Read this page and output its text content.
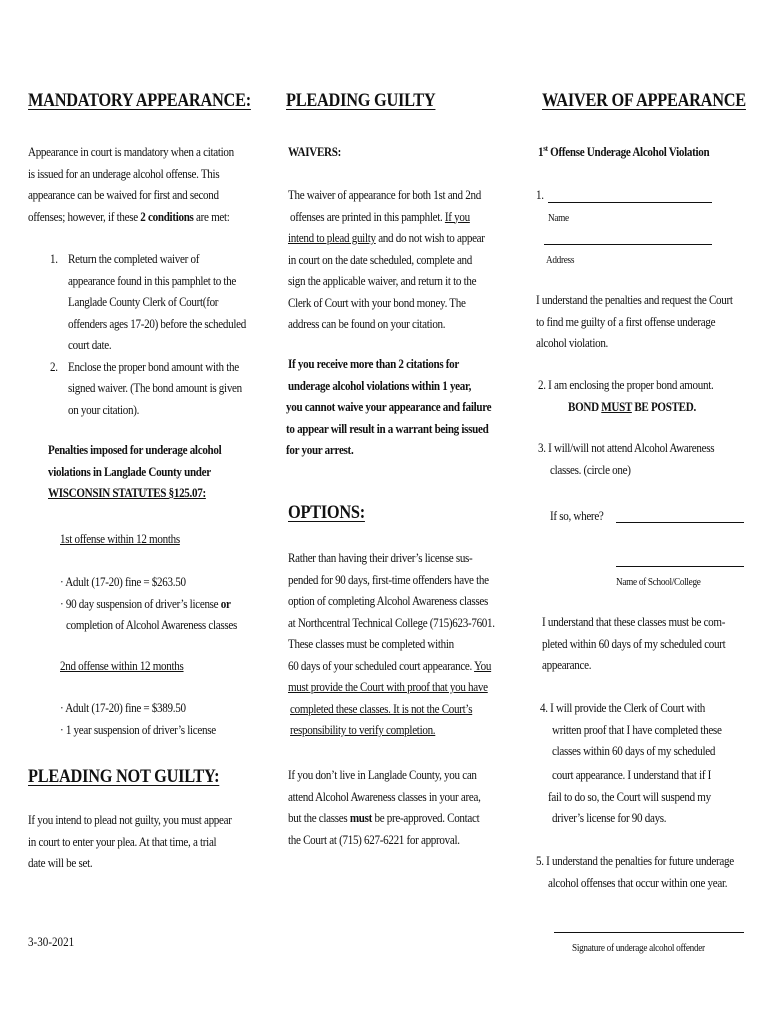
MANDATORY APPEARANCE:
Appearance in court is mandatory when a citation
is issued for an underage alcohol offense. This
appearance can be waived for first and second
offenses; however, if these 2 conditions are met:
1. Return the completed waiver of
appearance found in this pamphlet to the
Langlade County Clerk of Court(for
offenders ages 17-20) before the scheduled
court date.
2. Enclose the proper bond amount with the
signed waiver. (The bond amount is given
on your citation).
Penalties imposed for underage alcohol
violations in Langlade County under
WISCONSIN STATUTES §125.07:
1st offense within 12 months
· Adult (17-20) fine = $263.50
· 90 day suspension of driver’s license or
completion of Alcohol Awareness classes
2nd offense within 12 months
· Adult (17-20) fine = $389.50
· 1 year suspension of driver’s license
PLEADING NOT GUILTY:
If you intend to plead not guilty, you must appear
in court to enter your plea. At that time, a trial
date will be set.
3-30-2021
PLEADING GUILTY
WAIVERS:
The waiver of appearance for both 1st and 2nd
offenses are printed in this pamphlet. If you
intend to plead guilty and do not wish to appear
in court on the date scheduled, complete and
sign the applicable waiver, and return it to the
Clerk of Court with your bond money. The
address can be found on your citation.
If you receive more than 2 citations for
underage alcohol violations within 1 year,
you cannot waive your appearance and failure
to appear will result in a warrant being issued
for your arrest.
OPTIONS:
Rather than having their driver’s license sus-
pended for 90 days, first-time offenders have the
option of completing Alcohol Awareness classes
at Northcentral Technical College (715)623-7601.
These classes must be completed within
60 days of your scheduled court appearance. You
must provide the Court with proof that you have
completed these classes. It is not the Court’s
responsibility to verify completion.
If you don’t live in Langlade County, you can
attend Alcohol Awareness classes in your area,
but the classes must be pre-approved. Contact
the Court at (715) 627-6221 for approval.
WAIVER OF APPEARANCE
1st Offense Underage Alcohol Violation
1.
Name
Address
I understand the penalties and request the Court
to find me guilty of a first offense underage
alcohol violation.
2. I am enclosing the proper bond amount.
BOND MUST BE POSTED.
3. I will/will not attend Alcohol Awareness
classes. (circle one)
If so, where?
Name of School/College
I understand that these classes must be com-
pleted within 60 days of my scheduled court
appearance.
4. I will provide the Clerk of Court with
written proof that I have completed these
classes within 60 days of my scheduled
court appearance. I understand that if I
fail to do so, the Court will suspend my
driver’s license for 90 days.
5. I understand the penalties for future underage
alcohol offenses that occur within one year.
Signature of underage alcohol offender
